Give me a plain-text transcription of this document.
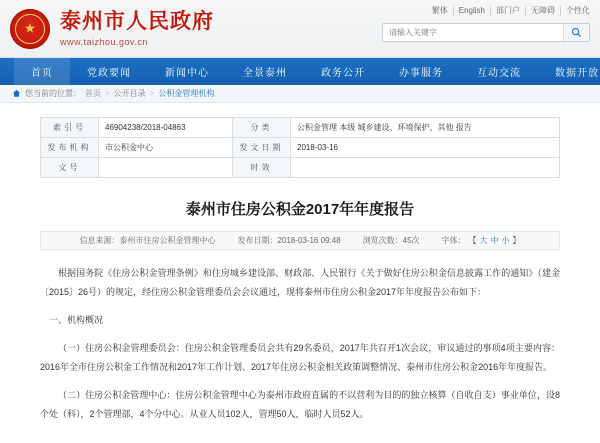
★ 泰州市人民政府
www.taizhou.gov.cn
繁体	English	部门户	无障碍	个性化
请输入关键字
首页	党政要闻	新闻中心	全景泰州	政务公开	办事服务	互动交流	数据开放
您当前的位置： 首页 > 公开目录 > 公积金管理机构
索引号	46904238/2018-04863	分类	公积金管理 本级 城乡建设、环境保护、其他 报告
发布机构	市公积金中心	发文日期	2018-03-16
文号		时效	
泰州市住房公积金2017年年度报告
信息来源：泰州市住房公积金管理中心	发布日期：2018-03-16 09:48	浏览次数：45次	字体： 【 大 中 小 】

根据国务院《住房公积金管理条例》和住房城乡建设部、财政部、人民银行《关于做好住房公积金信息披露工作的通知》（建金〔2015〕26号）的规定，经住房公积金管理委员会会议通过，现将泰州市住房公积金2017年年度报告公布如下：

一、机构概况

（一）住房公积金管理委员会：住房公积金管理委员会共有29名委员，2017年共召开1次会议，审议通过的事项4项主要内容：2016年全市住房公积金工作情况和2017年工作计划、2017年住房公积金相关政策调整情况、泰州市住房公积金2016年年度报告。

（二）住房公积金管理中心：住房公积金管理中心为泰州市政府直属的不以营利为目的的独立核算（自收自支）事业单位，设8个处（科），2个管理部，4个分中心。从业人员102人，管理50人，临时人员52人。
